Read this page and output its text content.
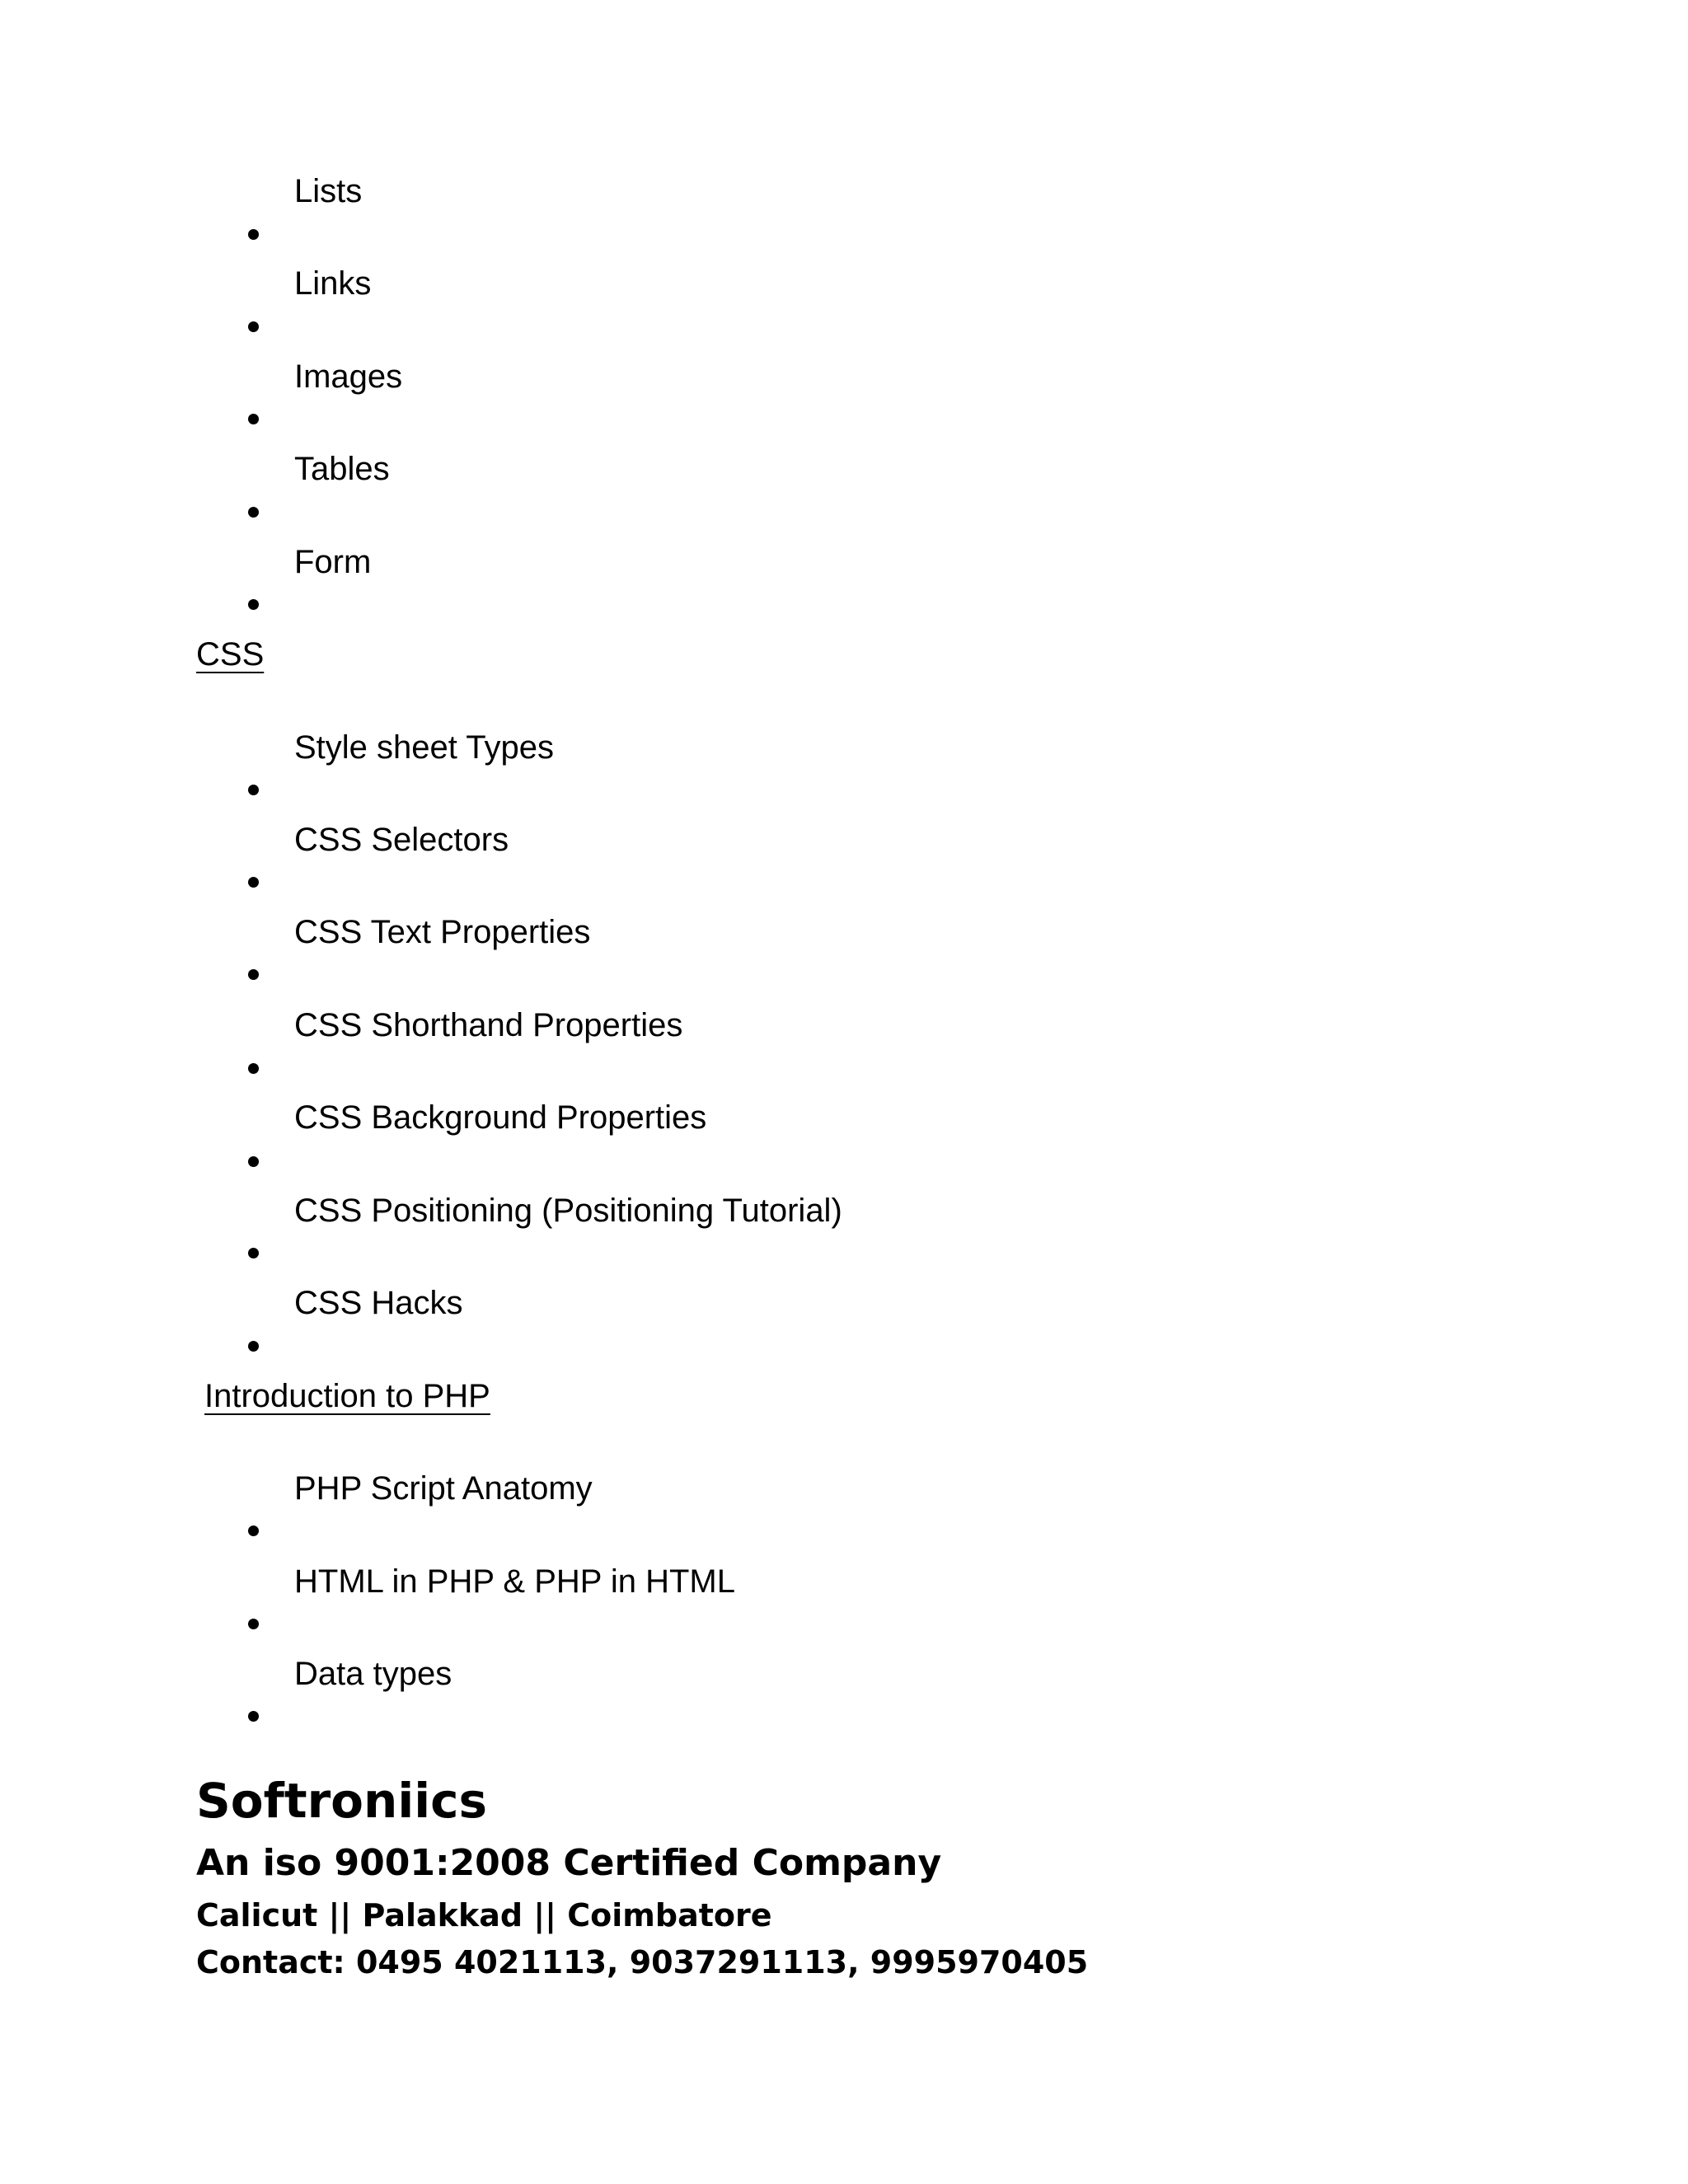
Lists
Links
Images
Tables
Form
CSS
Style sheet Types
CSS Selectors
CSS Text Properties
CSS Shorthand Properties
CSS Background Properties
CSS Positioning (Positioning Tutorial)
CSS Hacks
Introduction to PHP
PHP Script Anatomy
HTML in PHP & PHP in HTML
Data types
Softroniics
An iso 9001:2008 Certified Company
Calicut || Palakkad || Coimbatore
Contact: 0495 4021113, 9037291113, 9995970405
